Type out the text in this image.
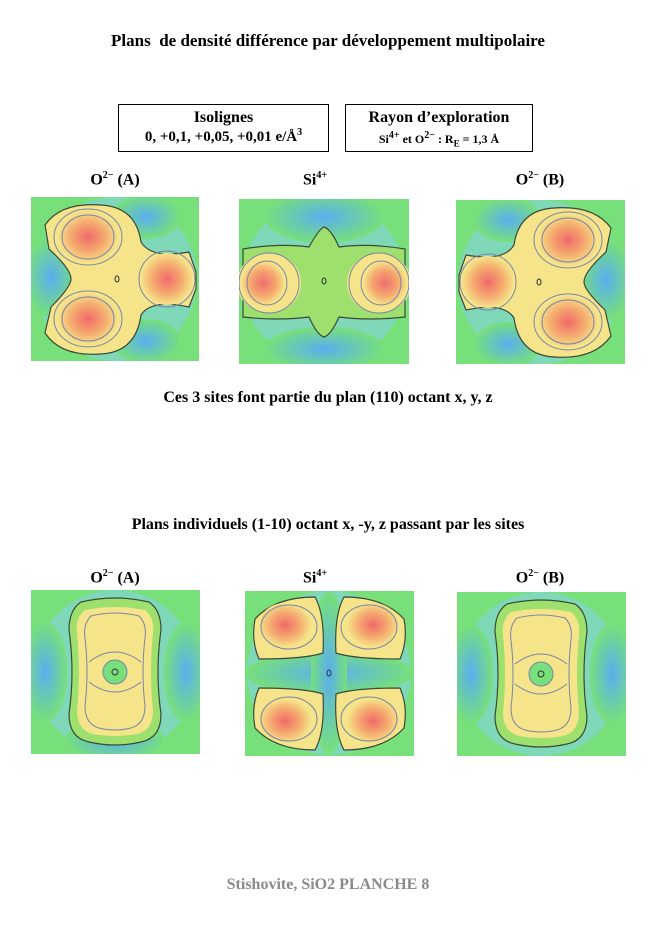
Plans  de densité différence par développement multipolaire
Isolignes
0, +0,1, +0,05, +0,01 $e/Å^3$
Rayon d’exploration
$Si^{4+}$ et $O^{2-}$ : $R_E = 1,3$ Å
$O^{2-}$ (A)	$Si^{4+}$	$O^{2-}$ (B)
Ces 3 sites font partie du plan (110) octant x, y, z
Plans individuels (1-10) octant x, -y, z passant par les sites
$O^{2-}$ (A)	$Si^{4+}$	$O^{2-}$ (B)
Stishovite, SiO2 PLANCHE 8
